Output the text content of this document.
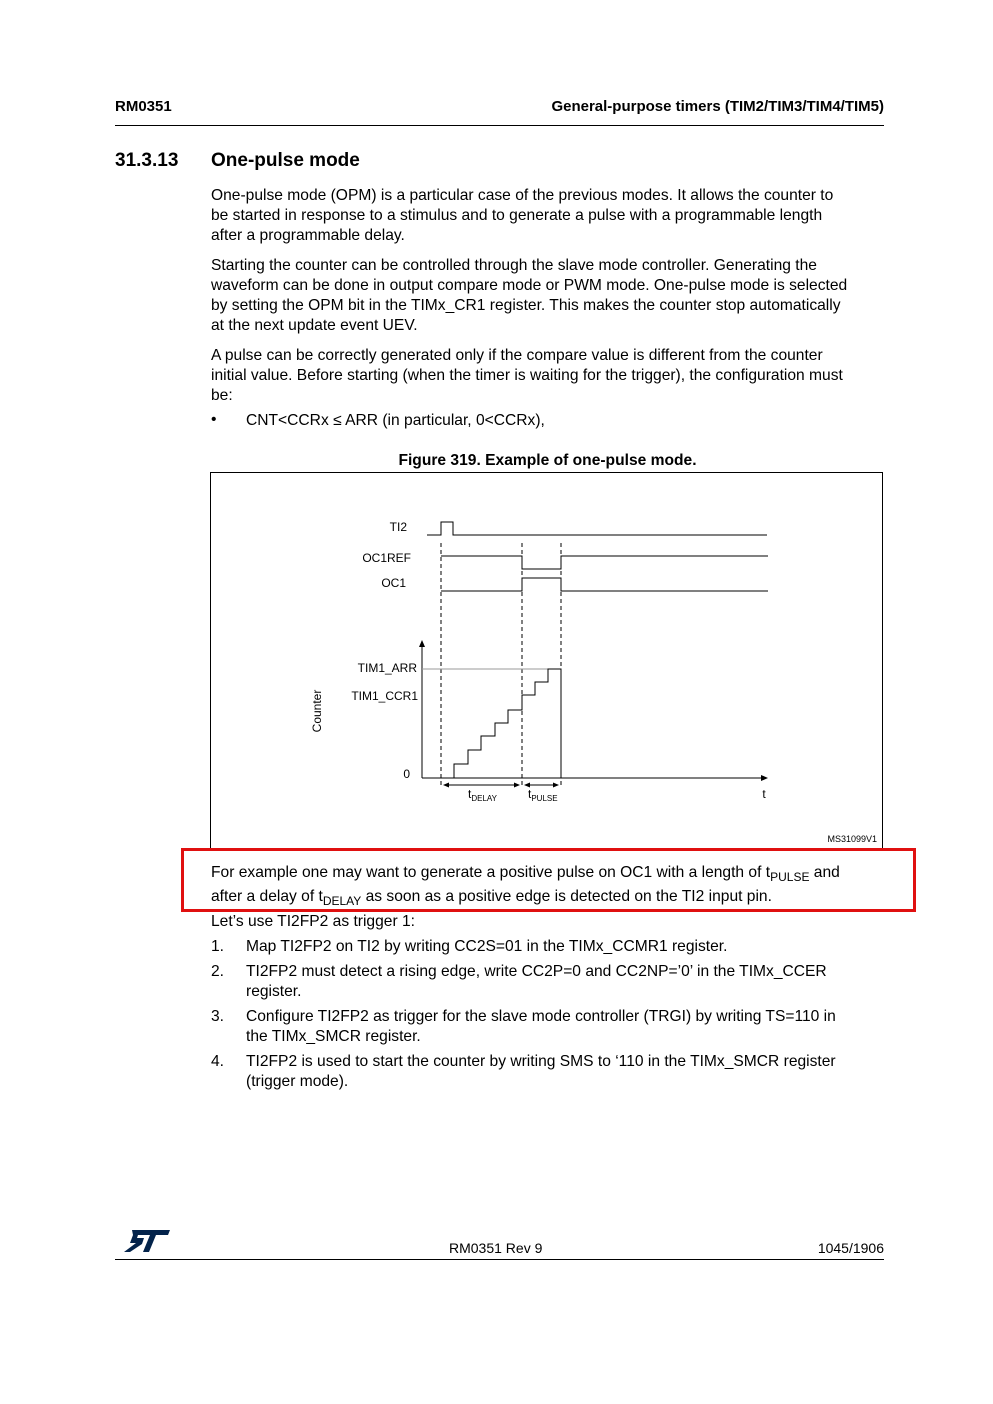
RM0351	General-purpose timers (TIM2/TIM3/TIM4/TIM5)
31.3.13 One-pulse mode
One-pulse mode (OPM) is a particular case of the previous modes. It allows the counter to
be started in response to a stimulus and to generate a pulse with a programmable length
after a programmable delay.
Starting the counter can be controlled through the slave mode controller. Generating the
waveform can be done in output compare mode or PWM mode. One-pulse mode is selected
by setting the OPM bit in the TIMx_CR1 register. This makes the counter stop automatically
at the next update event UEV.
A pulse can be correctly generated only if the compare value is different from the counter
initial value. Before starting (when the timer is waiting for the trigger), the configuration must
be:
• CNT<CCRx ≤ ARR (in particular, 0<CCRx),
Figure 319. Example of one-pulse mode.
TI2
OC1REF
OC1
TIM1_ARR
TIM1_CCR1
0
Counter
t
$t_{DELAY}$	$t_{PULSE}$
MS31099V1
For example one may want to generate a positive pulse on OC1 with a length of $t_{PULSE}$ and
after a delay of $t_{DELAY}$ as soon as a positive edge is detected on the TI2 input pin.
Let’s use TI2FP2 as trigger 1:
1. Map TI2FP2 on TI2 by writing CC2S=01 in the TIMx_CCMR1 register.
2. TI2FP2 must detect a rising edge, write CC2P=0 and CC2NP=’0’ in the TIMx_CCER
register.
3. Configure TI2FP2 as trigger for the slave mode controller (TRGI) by writing TS=110 in
the TIMx_SMCR register.
4. TI2FP2 is used to start the counter by writing SMS to ‘110 in the TIMx_SMCR register
(trigger mode).
RM0351 Rev 9	1045/1906
